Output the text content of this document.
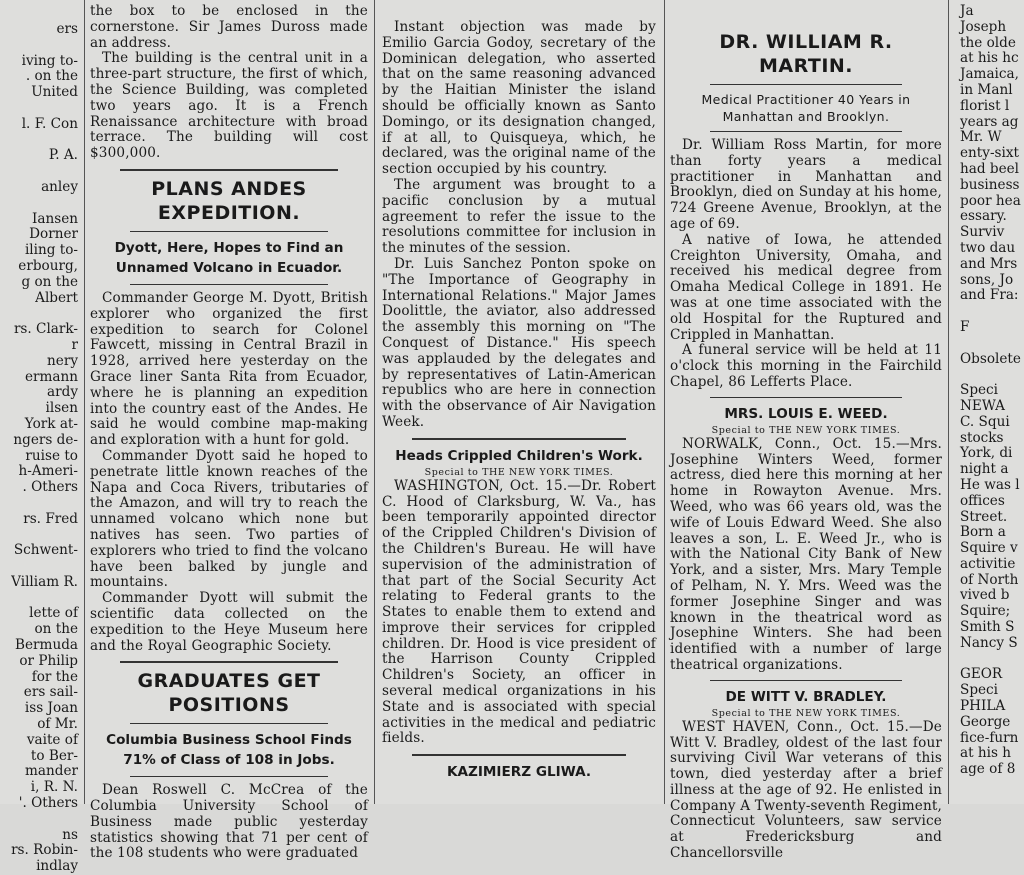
ers

iving to-

. on the

United

l. F. Con

P. A.

anley

Iansen

Dorner

iling to-

erbourg,

g on the

Albert

rs. Clark-

r

nery

ermann

ardy

ilsen

York at-

ngers de-

ruise to

h-Ameri-

. Others

rs. Fred

Schwent-

Villiam R.

lette of

on the

Bermuda

or Philip

for the

ers sail-

iss Joan

of Mr.

vaite of

to Ber-

mander

i, R. N.

'. Others

ns

rs. Robin-

indlay

the box to be enclosed in the cornerstone. Sir James Duross made an address.

The building is the central unit in a three-part structure, the first of which, the Science Building, was completed two years ago. It is a French Renaissance architecture with broad terrace. The building will cost $300,000.

PLANS ANDES EXPEDITION.
Dyott, Here, Hopes to Find an Unnamed Volcano in Ecuador.

Commander George M. Dyott, British explorer who organized the first expedition to search for Colonel Fawcett, missing in Central Brazil in 1928, arrived here yesterday on the Grace liner Santa Rita from Ecuador, where he is planning an expedition into the country east of the Andes. He said he would combine map-making and exploration with a hunt for gold.

Commander Dyott said he hoped to penetrate little known reaches of the Napa and Coca Rivers, tributaries of the Amazon, and will try to reach the unnamed volcano which none but natives has seen. Two parties of explorers who tried to find the volcano have been balked by jungle and mountains.

Commander Dyott will submit the scientific data collected on the expedition to the Heye Museum here and the Royal Geographic Society.

GRADUATES GET POSITIONS
Columbia Business School Finds 71% of Class of 108 in Jobs.

Dean Roswell C. McCrea of the Columbia University School of Business made public yesterday statistics showing that 71 per cent of the 108 students who were graduated

Instant objection was made by Emilio Garcia Godoy, secretary of the Dominican delegation, who asserted that on the same reasoning advanced by the Haitian Minister the island should be officially known as Santo Domingo, or its designation changed, if at all, to Quisqueya, which, he declared, was the original name of the section occupied by his country.

The argument was brought to a pacific conclusion by a mutual agreement to refer the issue to the resolutions committee for inclusion in the minutes of the session.

Dr. Luis Sanchez Ponton spoke on "The Importance of Geography in International Relations." Major James Doolittle, the aviator, also addressed the assembly this morning on "The Conquest of Distance." His speech was applauded by the delegates and by representatives of Latin-American republics who are here in connection with the observance of Air Navigation Week.

Heads Crippled Children's Work.

Special to THE NEW YORK TIMES.

WASHINGTON, Oct. 15.—Dr. Robert C. Hood of Clarksburg, W. Va., has been temporarily appointed director of the Crippled Children's Division of the Children's Bureau. He will have supervision of the administration of that part of the Social Security Act relating to Federal grants to the States to enable them to extend and improve their services for crippled children. Dr. Hood is vice president of the Harrison County Crippled Children's Society, an officer in several medical organizations in his State and is associated with special activities in the medical and pediatric fields.

KAZIMIERZ GLIWA.
DR. WILLIAM R. MARTIN.
Medical Practitioner 40 Years in Manhattan and Brooklyn.

Dr. William Ross Martin, for more than forty years a medical practitioner in Manhattan and Brooklyn, died on Sunday at his home, 724 Greene Avenue, Brooklyn, at the age of 69.

A native of Iowa, he attended Creighton University, Omaha, and received his medical degree from Omaha Medical College in 1891. He was at one time associated with the old Hospital for the Ruptured and Crippled in Manhattan.

A funeral service will be held at 11 o'clock this morning in the Fairchild Chapel, 86 Lefferts Place.

MRS. LOUIS E. WEED.

Special to THE NEW YORK TIMES.

NORWALK, Conn., Oct. 15.—Mrs. Josephine Winters Weed, former actress, died here this morning at her home in Rowayton Avenue. Mrs. Weed, who was 66 years old, was the wife of Louis Edward Weed. She also leaves a son, L. E. Weed Jr., who is with the National City Bank of New York, and a sister, Mrs. Mary Temple of Pelham, N. Y. Mrs. Weed was the former Josephine Singer and was known in the theatrical word as Josephine Winters. She had been identified with a number of large theatrical organizations.

DE WITT V. BRADLEY.

Special to THE NEW YORK TIMES.

WEST HAVEN, Conn., Oct. 15.—De Witt V. Bradley, oldest of the last four surviving Civil War veterans of this town, died yesterday after a brief illness at the age of 92. He enlisted in Company A Twenty-seventh Regiment, Connecticut Volunteers, saw service at Fredericksburg and Chancellorsville

Ja

Joseph

the olde

at his hc

Jamaica,

in Manl

florist l

years ag

Mr. W

enty-sixt

had beel

business

poor hea

essary.

Surviv

two dau

and Mrs

sons, Jo

and Fra:

F

Obsolete

Speci

NEWA

C. Squi

stocks

York, di

night a

He was l

offices

Street.

Born a

Squire v

activitie

of North

vived b

Squire;

Smith S

Nancy S

GEOR

Speci

PHILA

George

fice-furn

at his h

age of 8
